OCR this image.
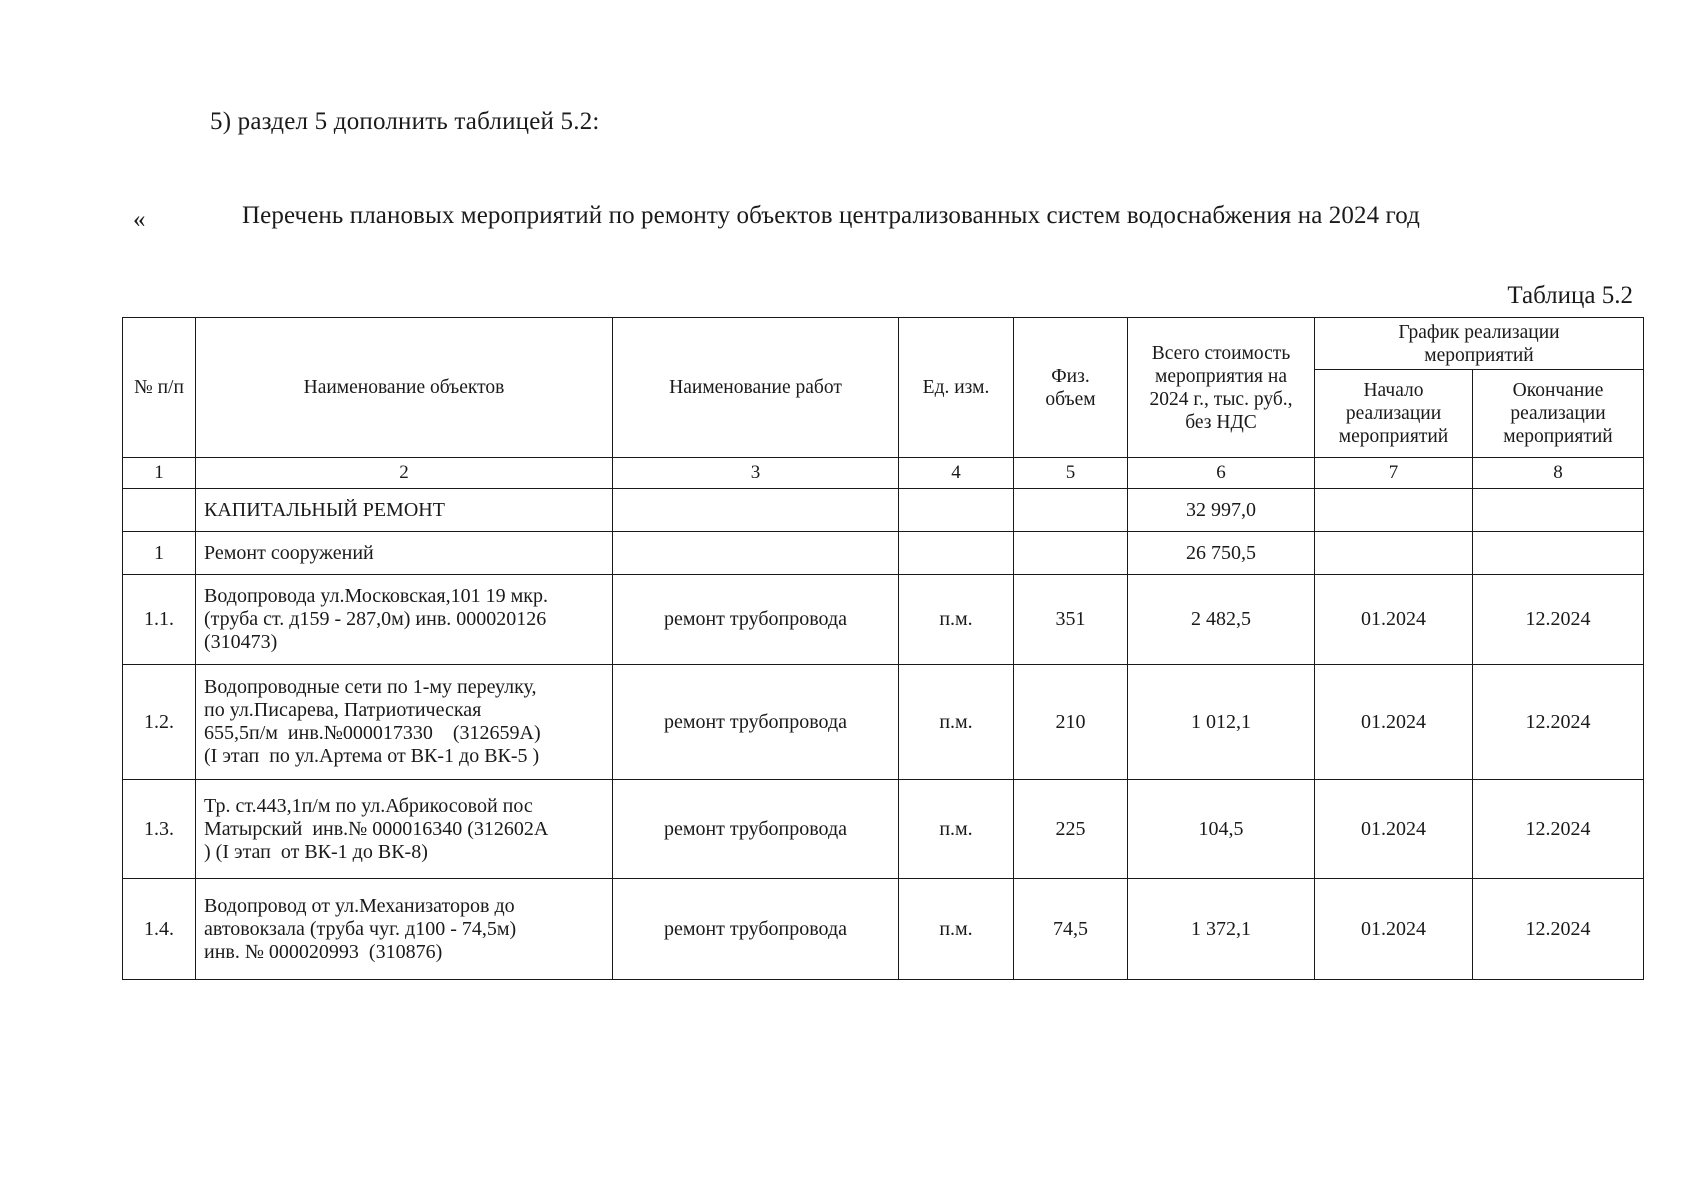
5) раздел 5 дополнить таблицей 5.2:
«	Перечень плановых мероприятий по ремонту объектов централизованных систем водоснабжения на 2024 год
Таблица 5.2
№ п/п	Наименование объектов	Наименование работ	Ед. изм.	Физ. объем	Всего стоимость мероприятия на 2024 г., тыс. руб., без НДС	График реализации мероприятий	
						Начало реализации мероприятий	Окончание реализации мероприятий
1	2	3	4	5	6	7	8
	КАПИТАЛЬНЫЙ РЕМОНТ				32 997,0		
1	Ремонт сооружений				26 750,5		
1.1.	Водопровода ул.Московская,101 19 мкр.
(труба ст. д159 - 287,0м) инв. 000020126
(310473)	ремонт трубопровода	п.м.	351	2 482,5	01.2024	12.2024
1.2.	Водопроводные сети по 1-му переулку,
по ул.Писарева, Патриотическая
655,5п/м  инв.№000017330    (312659А)
(I этап  по ул.Артема от ВК-1 до ВК-5 )	ремонт трубопровода	п.м.	210	1 012,1	01.2024	12.2024
1.3.	Тр. ст.443,1п/м по ул.Абрикосовой пос
Матырский  инв.№ 000016340 (312602А
) (I этап  от ВК-1 до ВК-8)	ремонт трубопровода	п.м.	225	104,5	01.2024	12.2024
1.4.	Водопровод от ул.Механизаторов до
автовокзала (труба чуг. д100 - 74,5м)
инв. № 000020993  (310876)	ремонт трубопровода	п.м.	74,5	1 372,1	01.2024	12.2024
